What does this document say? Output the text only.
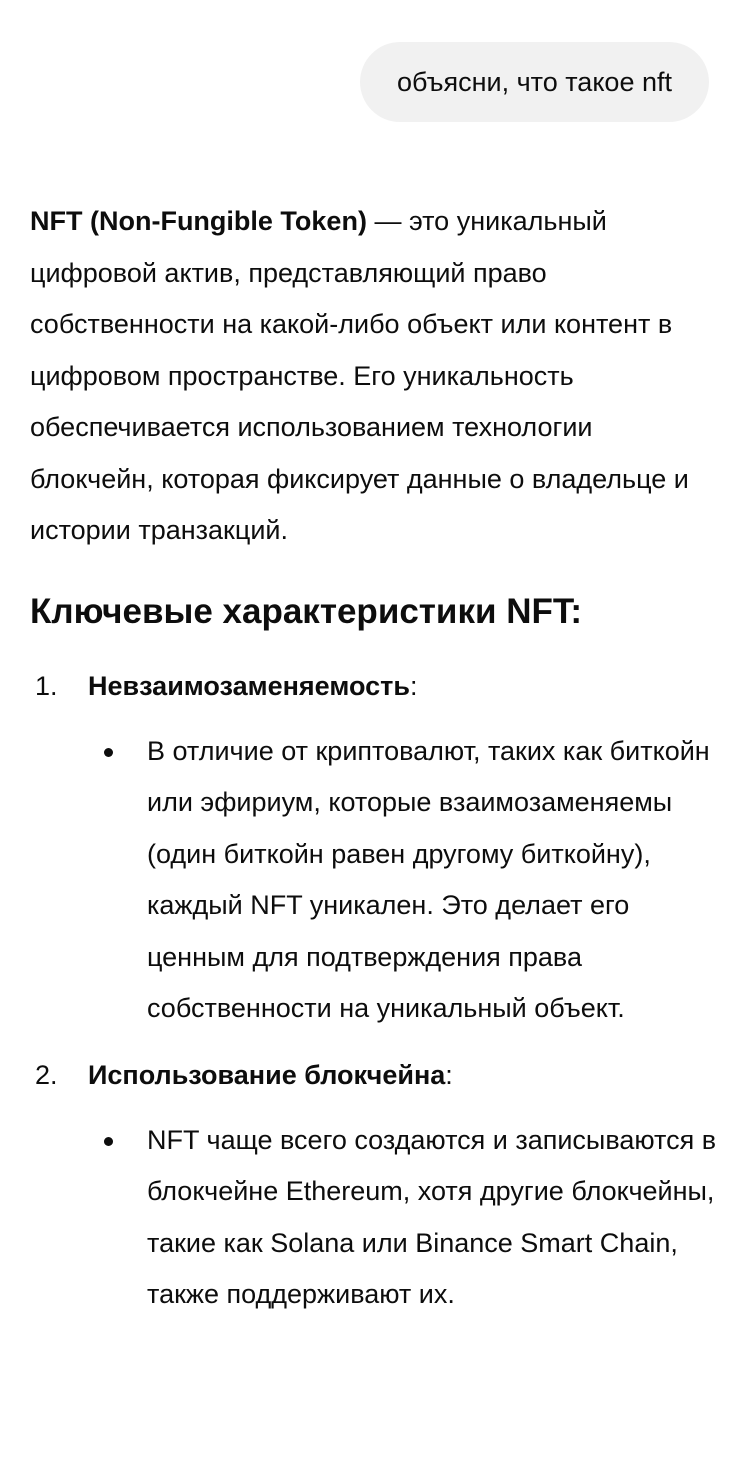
объясни, что такое nft

NFT (Non-Fungible Token) — это уникальный цифровой актив, представляющий право собственности на какой-либо объект или контент в цифровом пространстве. Его уникальность обеспечивается использованием технологии блокчейн, которая фиксирует данные о владельце и истории транзакций.

Ключевые характеристики NFT:
1. Невзаимозаменяемость:
В отличие от криптовалют, таких как биткойн или эфириум, которые взаимозаменяемы (один биткойн равен другому биткойну), каждый NFT уникален. Это делает его ценным для подтверждения права собственности на уникальный объект.
2. Использование блокчейна:
NFT чаще всего создаются и записываются в блокчейне Ethereum, хотя другие блокчейны, такие как Solana или Binance Smart Chain, также поддерживают их.
